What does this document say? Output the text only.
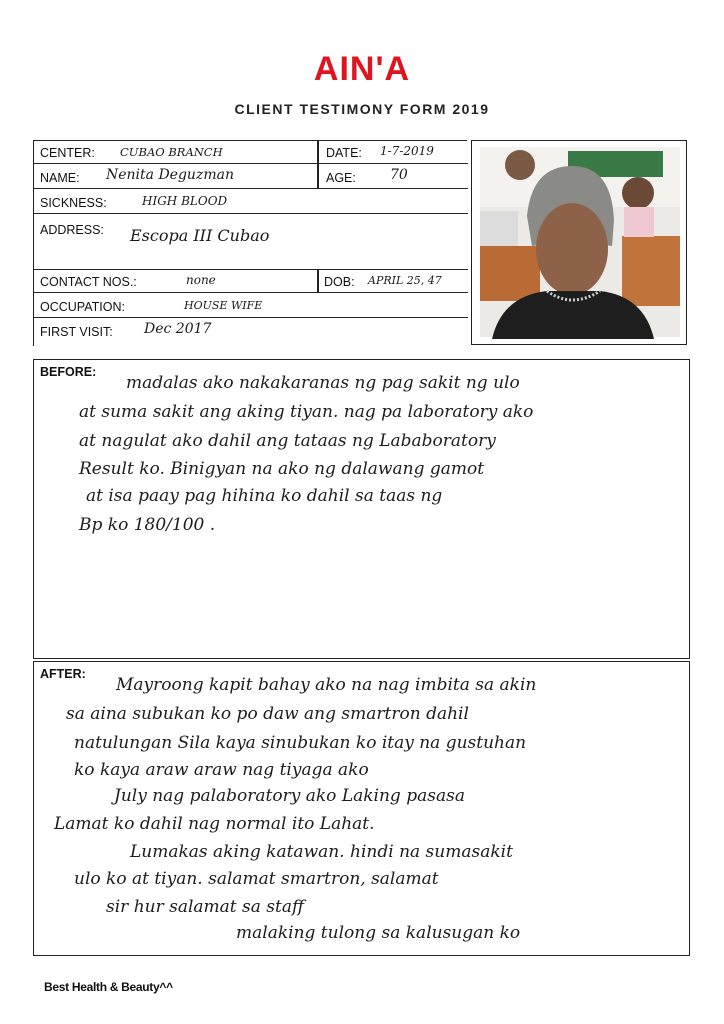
AIN'A
CLIENT TESTIMONY FORM 2019
CENTER: CUBAO BRANCH	DATE: 1-7-2019
NAME: Nenita Deguzman	AGE: 70
SICKNESS:	HIGH BLOOD
ADDRESS: Escopa III Cubao
CONTACT NOS.:	none	DOB: APRIL 25, 47
OCCUPATION:	HOUSE WIFE
FIRST VISIT: Dec 2017
BEFORE:
madalas ako nakakaranas ng pag sakit ng ulo
at suma sakit ang aking tiyan. nag pa laboratory ako
at nagulat ako dahil ang tataas ng Lababoratory
Result ko. Binigyan na ako ng dalawang gamot
at isa paay pag hihina ko dahil sa taas ng
Bp ko 180/100 .
AFTER:
Mayroong kapit bahay ako na nag imbita sa akin
sa aina subukan ko po daw ang smartron dahil
natulungan Sila kaya sinubukan ko itay na gustuhan
ko kaya araw araw nag tiyaga ako
July nag palaboratory ako Laking pasasa
Lamat ko dahil nag normal ito Lahat.
Lumakas aking katawan. hindi na sumasakit
ulo ko at tiyan. salamat smartron, salamat
sir hur salamat sa staff
malaking tulong sa kalusugan ko
Best Health & Beauty^^
